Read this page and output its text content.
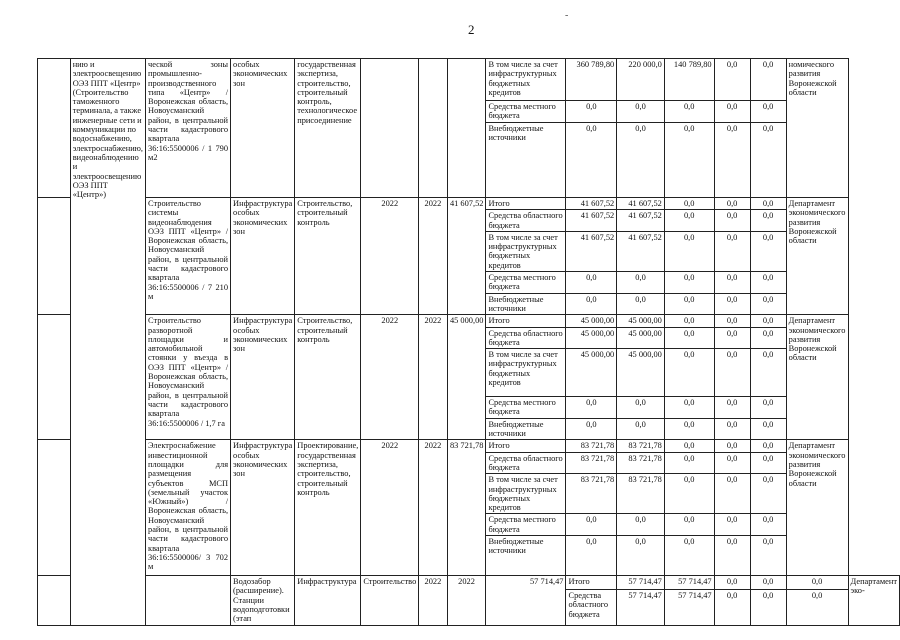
2
-
	нию и электроосвещению ОЭЗ ППТ «Центр» (Строительство таможенного терминала, а также инженерные сети и коммуникации по водоснабжению, электроснабжению, видеонаблюдению и электроосвещению ОЭЗ ППТ «Центр»)	ческой зоны промышленно-производственного типа «Центр» / Воронежская область, Новоусманский район, в центральной части кадастрового квартала 36:16:5500006 / 1 790 м2	особых экономических зон	государственная экспертиза, строительство, строительный контроль, технологическое присоединение				В том числе за счет инфраструктурных бюджетных кредитов	360 789,80	220 000,0	140 789,80	0,0	0,0	номического развития Воронежской области	
								Средства местного бюджета	0,0	0,0	0,0	0,0	0,0		
								Внебюджетные источники	0,0	0,0	0,0	0,0	0,0		
		Строительство системы видеонаблюдения ОЭЗ ППТ «Центр» / Воронежская область, Новоусманский район, в центральной части кадастрового квартала 36:16:5500006 / 7 210 м	Инфраструктура особых экономических зон	Строительство, строительный контроль	2022	2022	41 607,52	Итого	41 607,52	41 607,52	0,0	0,0	0,0	Департамент экономического развития Воронежской области	
								Средства областного бюджета	41 607,52	41 607,52	0,0	0,0	0,0		
								В том числе за счет инфраструктурных бюджетных кредитов	41 607,52	41 607,52	0,0	0,0	0,0		
								Средства местного бюджета	0,0	0,0	0,0	0,0	0,0		
								Внебюджетные источники	0,0	0,0	0,0	0,0	0,0		
		Строительство разворотной площадки и автомобильной стоянки у въезда в ОЭЗ ППТ «Центр» / Воронежская область, Новоусманский район, в центральной части кадастрового квартала 36:16:5500006 / 1,7 га	Инфраструктура особых экономических зон	Строительство, строительный контроль	2022	2022	45 000,00	Итого	45 000,00	45 000,00	0,0	0,0	0,0	Департамент экономического развития Воронежской области	
								Средства областного бюджета	45 000,00	45 000,00	0,0	0,0	0,0		
								В том числе за счет инфраструктурных бюджетных кредитов	45 000,00	45 000,00	0,0	0,0	0,0		
								Средства местного бюджета	0,0	0,0	0,0	0,0	0,0		
								Внебюджетные источники	0,0	0,0	0,0	0,0	0,0		
		Электроснабжение инвестиционной площадки для размещения субъектов МСП (земельный участок «Южный») / Воронежская область, Новоусманский район, в центральной части кадастрового квартала 36:16:5500006/ 3 702 м	Инфраструктура особых экономических зон	Проектирование, государственная экспертиза, строительство, строительный контроль	2022	2022	83 721,78	Итого	83 721,78	83 721,78	0,0	0,0	0,0	Департамент экономического развития Воронежской области	
								Средства областного бюджета	83 721,78	83 721,78	0,0	0,0	0,0		
								В том числе за счет инфраструктурных бюджетных кредитов	83 721,78	83 721,78	0,0	0,0	0,0		
								Средства местного бюджета	0,0	0,0	0,0	0,0	0,0		
								Внебюджетные источники	0,0	0,0	0,0	0,0	0,0		
			Водозабор (расширение). Станции водоподготовки (этап	Инфраструктура	Строительство	2022	2022	57 714,47	Итого	57 714,47	57 714,47	0,0	0,0	0,0	Департамент эко-
									Средства областного бюджета	57 714,47	57 714,47	0,0	0,0	0,0	
